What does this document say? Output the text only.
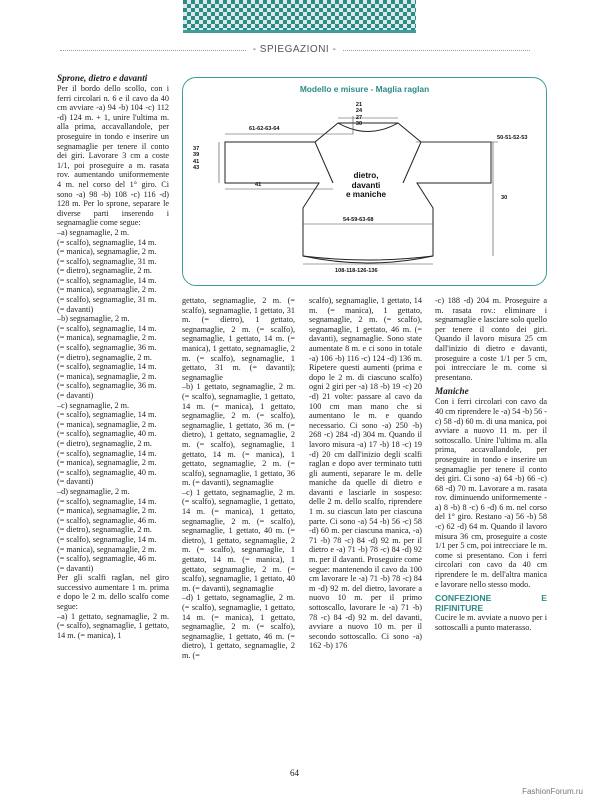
- SPIEGAZIONI -

Sprone, dietro e davanti

Per il bordo dello scollo, con i ferri circolari n. 6 e il cavo da 40 cm avviare -a) 94 -b) 104 -c) 112 -d) 124 m. + 1, unire l'ultima m. alla prima, accavallandole, per proseguire in tondo e inserire un segnamaglie per tenere il conto dei giri. Lavorare 3 cm a coste 1/1, poi proseguire a m. rasata rov. aumentando uniformemente 4 m. nel corso del 1° giro. Ci sono -a) 98 -b) 108 -c) 116 -d) 128 m. Per lo sprone, separare le diverse parti inserendo i segnamaglie come segue:

–a) segnamaglie, 2 m.

(= scalfo), segnamaglie, 14 m.

(= manica), segnamaglie, 2 m.

(= scalfo), segnamaglie, 31 m.

(= dietro), segnamaglie, 2 m.

(= scalfo), segnamaglie, 14 m.

(= manica), segnamaglie, 2 m.

(= scalfo), segnamaglie, 31 m.

(= davanti)

–b) segnamaglie, 2 m.

(= scalfo), segnamaglie, 14 m.

(= manica), segnamaglie, 2 m.

(= scalfo), segnamaglie, 36 m.

(= dietro), segnamaglie, 2 m.

(= scalfo), segnamaglie, 14 m.

(= manica), segnamaglie, 2 m.

(= scalfo), segnamaglie, 36 m.

(= davanti)

–c) segnamaglie, 2 m.

(= scalfo), segnamaglie, 14 m.

(= manica), segnamaglie, 2 m.

(= scalfo), segnamaglie, 40 m.

(= dietro), segnamaglie, 2 m.

(= scalfo), segnamaglie, 14 m.

(= manica), segnamaglie, 2 m.

(= scalfo), segnamaglie, 40 m.

(= davanti)

–d) segnamaglie, 2 m.

(= scalfo), segnamaglie, 14 m.

(= manica), segnamaglie, 2 m.

(= scalfo), segnamaglie, 46 m.

(= dietro), segnamaglie, 2 m.

(= scalfo), segnamaglie, 14 m.

(= manica), segnamaglie, 2 m.

(= scalfo), segnamaglie, 46 m.

(= davanti)

Per gli scalfi raglan, nel giro successivo aumentare 1 m. prima e dopo le 2 m. dello scalfo come segue:
–a) 1 gettato, segnamaglie, 2 m. (= scalfo), segnamaglie, 1 gettato, 14 m. (= manica), 1

Modello e misure - Maglia raglan
21
24
27
30
61-62-63-64
37
39
41
43
41
dietro,
davanti
e maniche
54-59-63-68
50-51-52-53
30
108-118-126-136

gettato, segnamaglie, 2 m. (= scalfo), segnamaglie, 1 gettato, 31 m. (= dietro), 1 gettato, segnamaglie, 2 m. (= scalfo), segnamaglie, 1 gettato, 14 m. (= manica), 1 gettato, segnamaglie, 2 m. (= scalfo), segnamaglie, 1 gettato, 31 m. (= davanti); segnamaglie
–b) 1 gettato, segnamaglie, 2 m. (= scalfo), segnamaglie, 1 gettato, 14 m. (= manica), 1 gettato, segnamaglie, 2 m. (= scalfo), segnamaglie, 1 gettato, 36 m. (= dietro), 1 gettato, segnamaglie, 2 m. (= scalfo), segnamaglie, 1 gettato, 14 m. (= manica), 1 gettato, segnamaglie, 2 m. (= scalfo), segnamaglie, 1 gettato, 36 m. (= davanti), segnamaglie
–c) 1 gettato, segnamaglie, 2 m. (= scalfo), segnamaglie, 1 gettato, 14 m. (= manica), 1 gettato, segnamaglie, 2 m. (= scalfo), segnamaglie, 1 gettato, 40 m. (= dietro), 1 gettato, segnamaglie, 2 m. (= scalfo), segnamaglie, 1 gettato, 14 m. (= manica), 1 gettato, segnamaglie, 2 m. (= scalfo), segnamaglie, 1 gettato, 40 m. (= davanti), segnamaglie
–d) 1 gettato, segnamaglie, 2 m. (= scalfo), segnamaglie, 1 gettato, 14 m. (= manica), 1 gettato, segnamaglie, 2 m. (= scalfo), segnamaglie, 1 gettato, 46 m. (= dietro), 1 gettato, segnamaglie, 2 m. (=

scalfo), segnamaglie, 1 gettato, 14 m. (= manica), 1 gettato, segnamaglie, 2 m. (= scalfo), segnamaglie, 1 gettato, 46 m. (= davanti), segnamaglie. Sono state aumentate 8 m. e ci sono in totale -a) 106 -b) 116 -c) 124 -d) 136 m. Ripetere questi aumenti (prima e dopo le 2 m. di ciascuno scalfo) ogni 2 giri per -a) 18 -b) 19 -c) 20 -d) 21 volte: passare al cavo da 100 cm man mano che si aumentano le m. e quando necessario. Ci sono -a) 250 -b) 268 -c) 284 -d) 304 m. Quando il lavoro misura -a) 17 -b) 18 -c) 19 -d) 20 cm dall'inizio degli scalfi raglan e dopo aver terminato tutti gli aumenti, separare le m. delle maniche da quelle di dietro e davanti e lasciarle in sospeso: delle 2 m. dello scalfo, riprendere 1 m. su ciascun lato per ciascuna parte. Ci sono -a) 54 -b) 56 -c) 58 -d) 60 m. per ciascuna manica, -a) 71 -b) 78 -c) 84 -d) 92 m. per il dietro e -a) 71 -b) 78 -c) 84 -d) 92 m. per il davanti. Proseguire come segue: mantenendo il cavo da 100 cm lavorare le -a) 71 -b) 78 -c) 84 m -d) 92 m. del dietro, lavorare a nuovo 10 m. per il primo sottoscallo, lavorare le -a) 71 -b) 78 -c) 84 -d) 92 m. del davanti, avviare a nuovo 10 m. per il secondo sottoscallo. Ci sono -a) 162 -b) 176

-c) 188 -d) 204 m. Proseguire a m. rasata rov.: eliminare i segnamaglie e lasciare solo quello per tenere il conto dei giri. Quando il lavoro misura 25 cm dall'inizio di dietro e davanti, proseguire a coste 1/1 per 5 cm, poi intrecciare le m. come si presentano.

Maniche

Con i ferri circolari con cavo da 40 cm riprendere le -a) 54 -b) 56 -c) 58 -d) 60 m. di una manica, poi avviare a nuovo 11 m. per il sottoscallo. Unire l'ultima m. alla prima, accavallandole, per proseguire in tondo e inserire un segnamaglie per tenere il conto dei giri. Ci sono -a) 64 -b) 66 -c) 68 -d) 70 m. Lavorare a m. rasata rov. diminuendo uniformemente -a) 8 -b) 8 -c) 6 -d) 6 m. nel corso del 1° giro. Restano -a) 56 -b) 58 -c) 62 -d) 64 m. Quando il lavoro misura 36 cm, proseguire a coste 1/1 per 5 cm, poi intrecciare le m. come si presentano. Con i ferri circolari con cavo da 40 cm riprendere le m. dell'altra manica e lavorare nello stesso modo.

CONFEZIONE E RIFINITURE

Cucire le m. avviate a nuovo per i sottoscalli a punto materasso.

64
FashionForum.ru
